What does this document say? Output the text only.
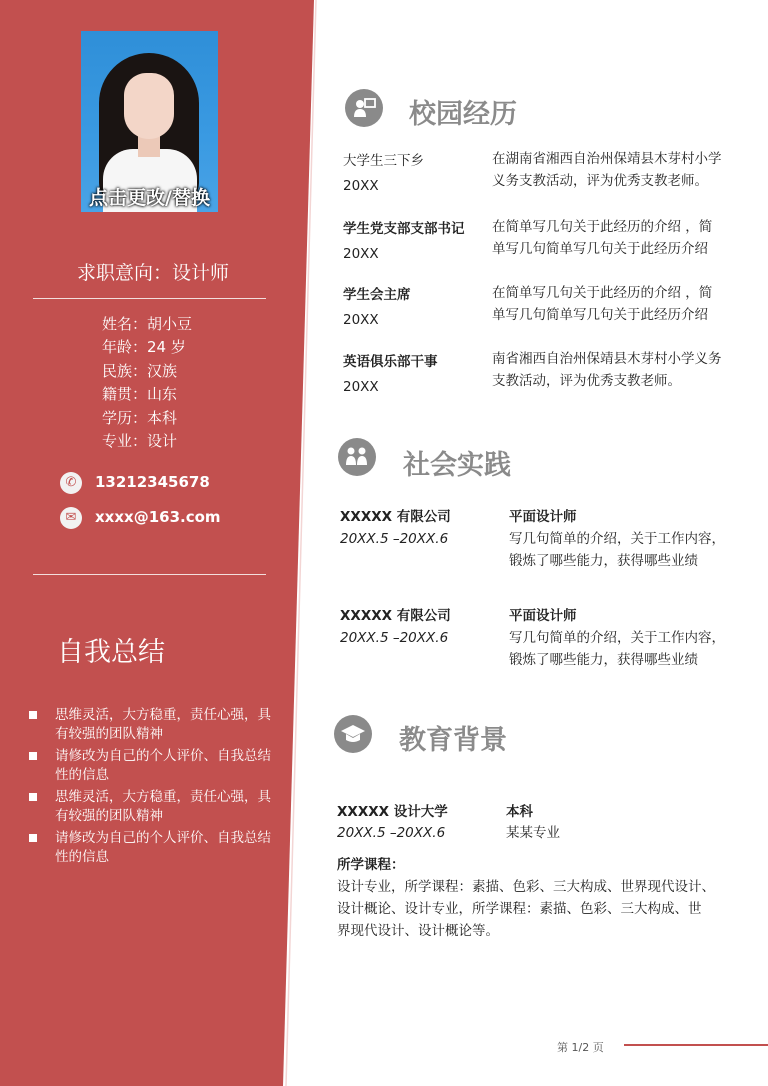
点击更改/替换
求职意向：设计师
姓名：胡小豆
年龄：24 岁
民族：汉族
籍贯：山东
学历：本科
专业：设计
✆	13212345678
✉	xxxx@163.com
自我总结
思维灵活，大方稳重，责任心强，具有较强的团队精神
请修改为自己的个人评价、自我总结性的信息
思维灵活，大方稳重，责任心强，具有较强的团队精神
请修改为自己的个人评价、自我总结性的信息
校园经历
大学生三下乡
20XX
在湖南省湘西自治州保靖县木芽村小学
义务支教活动，评为优秀支教老师。
学生党支部支部书记
20XX
在简单写几句关于此经历的介绍 ，简
单写几句简单写几句关于此经历介绍
学生会主席
20XX
在简单写几句关于此经历的介绍 ，简
单写几句简单写几句关于此经历介绍
英语俱乐部干事
20XX
南省湘西自治州保靖县木芽村小学义务
支教活动，评为优秀支教老师。
社会实践
XXXXX 有限公司
20XX.5 –20XX.6
平面设计师
写几句简单的介绍，关于工作内容，
锻炼了哪些能力，获得哪些业绩
XXXXX 有限公司
20XX.5 –20XX.6
平面设计师
写几句简单的介绍，关于工作内容，
锻炼了哪些能力，获得哪些业绩
教育背景
XXXXX 设计大学
20XX.5 –20XX.6
本科
某某专业
所学课程：
设计专业，所学课程：素描、色彩、三大构成、世界现代设计、
设计概论、设计专业，所学课程：素描、色彩、三大构成、世
界现代设计、设计概论等。
第 1/2 页
